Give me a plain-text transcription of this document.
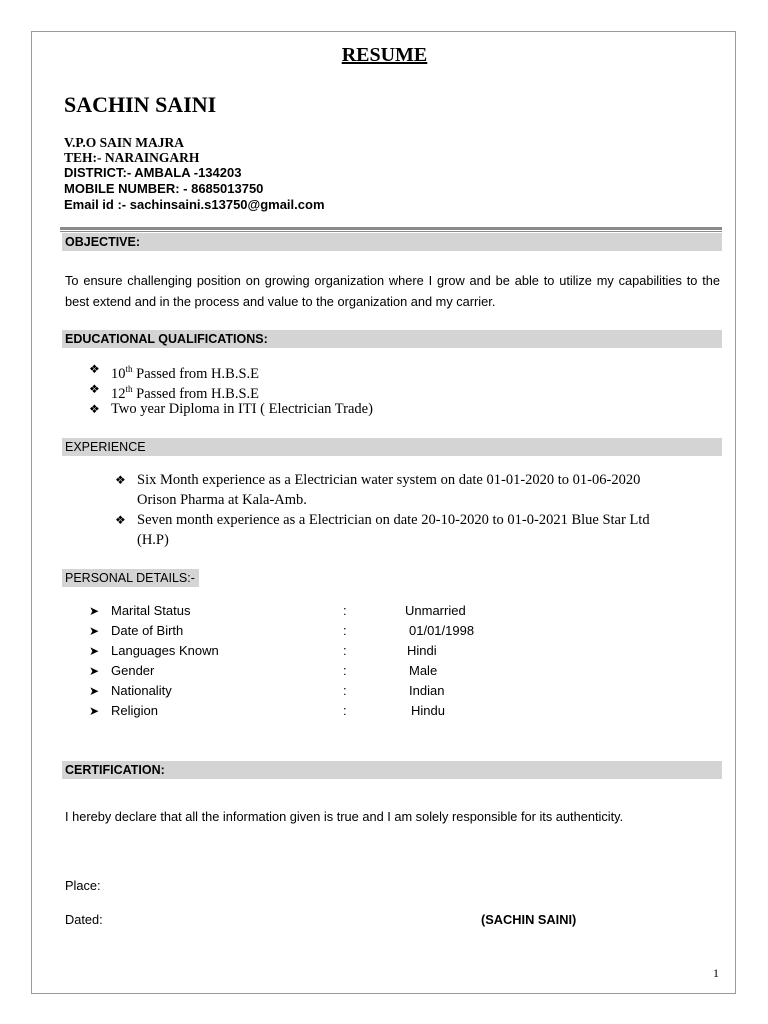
RESUME
SACHIN SAINI
V.P.O SAIN MAJRA
TEH:- NARAINGARH
DISTRICT:- AMBALA -134203
MOBILE NUMBER: - 8685013750
Email id :- sachinsaini.s13750@gmail.com
OBJECTIVE:
To ensure challenging position on growing organization where I grow and be able to utilize my capabilities to the best extend and in the process and value to the organization and my carrier.
EDUCATIONAL QUALIFICATIONS:
❖ 10th Passed from H.B.S.E
❖ 12th Passed from H.B.S.E
❖ Two year Diploma in ITI ( Electrician Trade)
EXPERIENCE
❖ Six Month experience as a Electrician water system on date 01-01-2020 to 01-06-2020
Orison Pharma at Kala-Amb.
❖ Seven month experience as a Electrician on date 20-10-2020 to 01-0-2021 Blue Star Ltd
(H.P)
PERSONAL DETAILS:-
➤ Marital Status	:	Unmarried
➤ Date of Birth	:	01/01/1998
➤ Languages Known	:	Hindi
➤ Gender	:	Male
➤ Nationality	:	Indian
➤ Religion	:	Hindu
CERTIFICATION:
I hereby declare that all the information given is true and I am solely responsible for its authenticity.
Place:
Dated:	(SACHIN SAINI)
1
